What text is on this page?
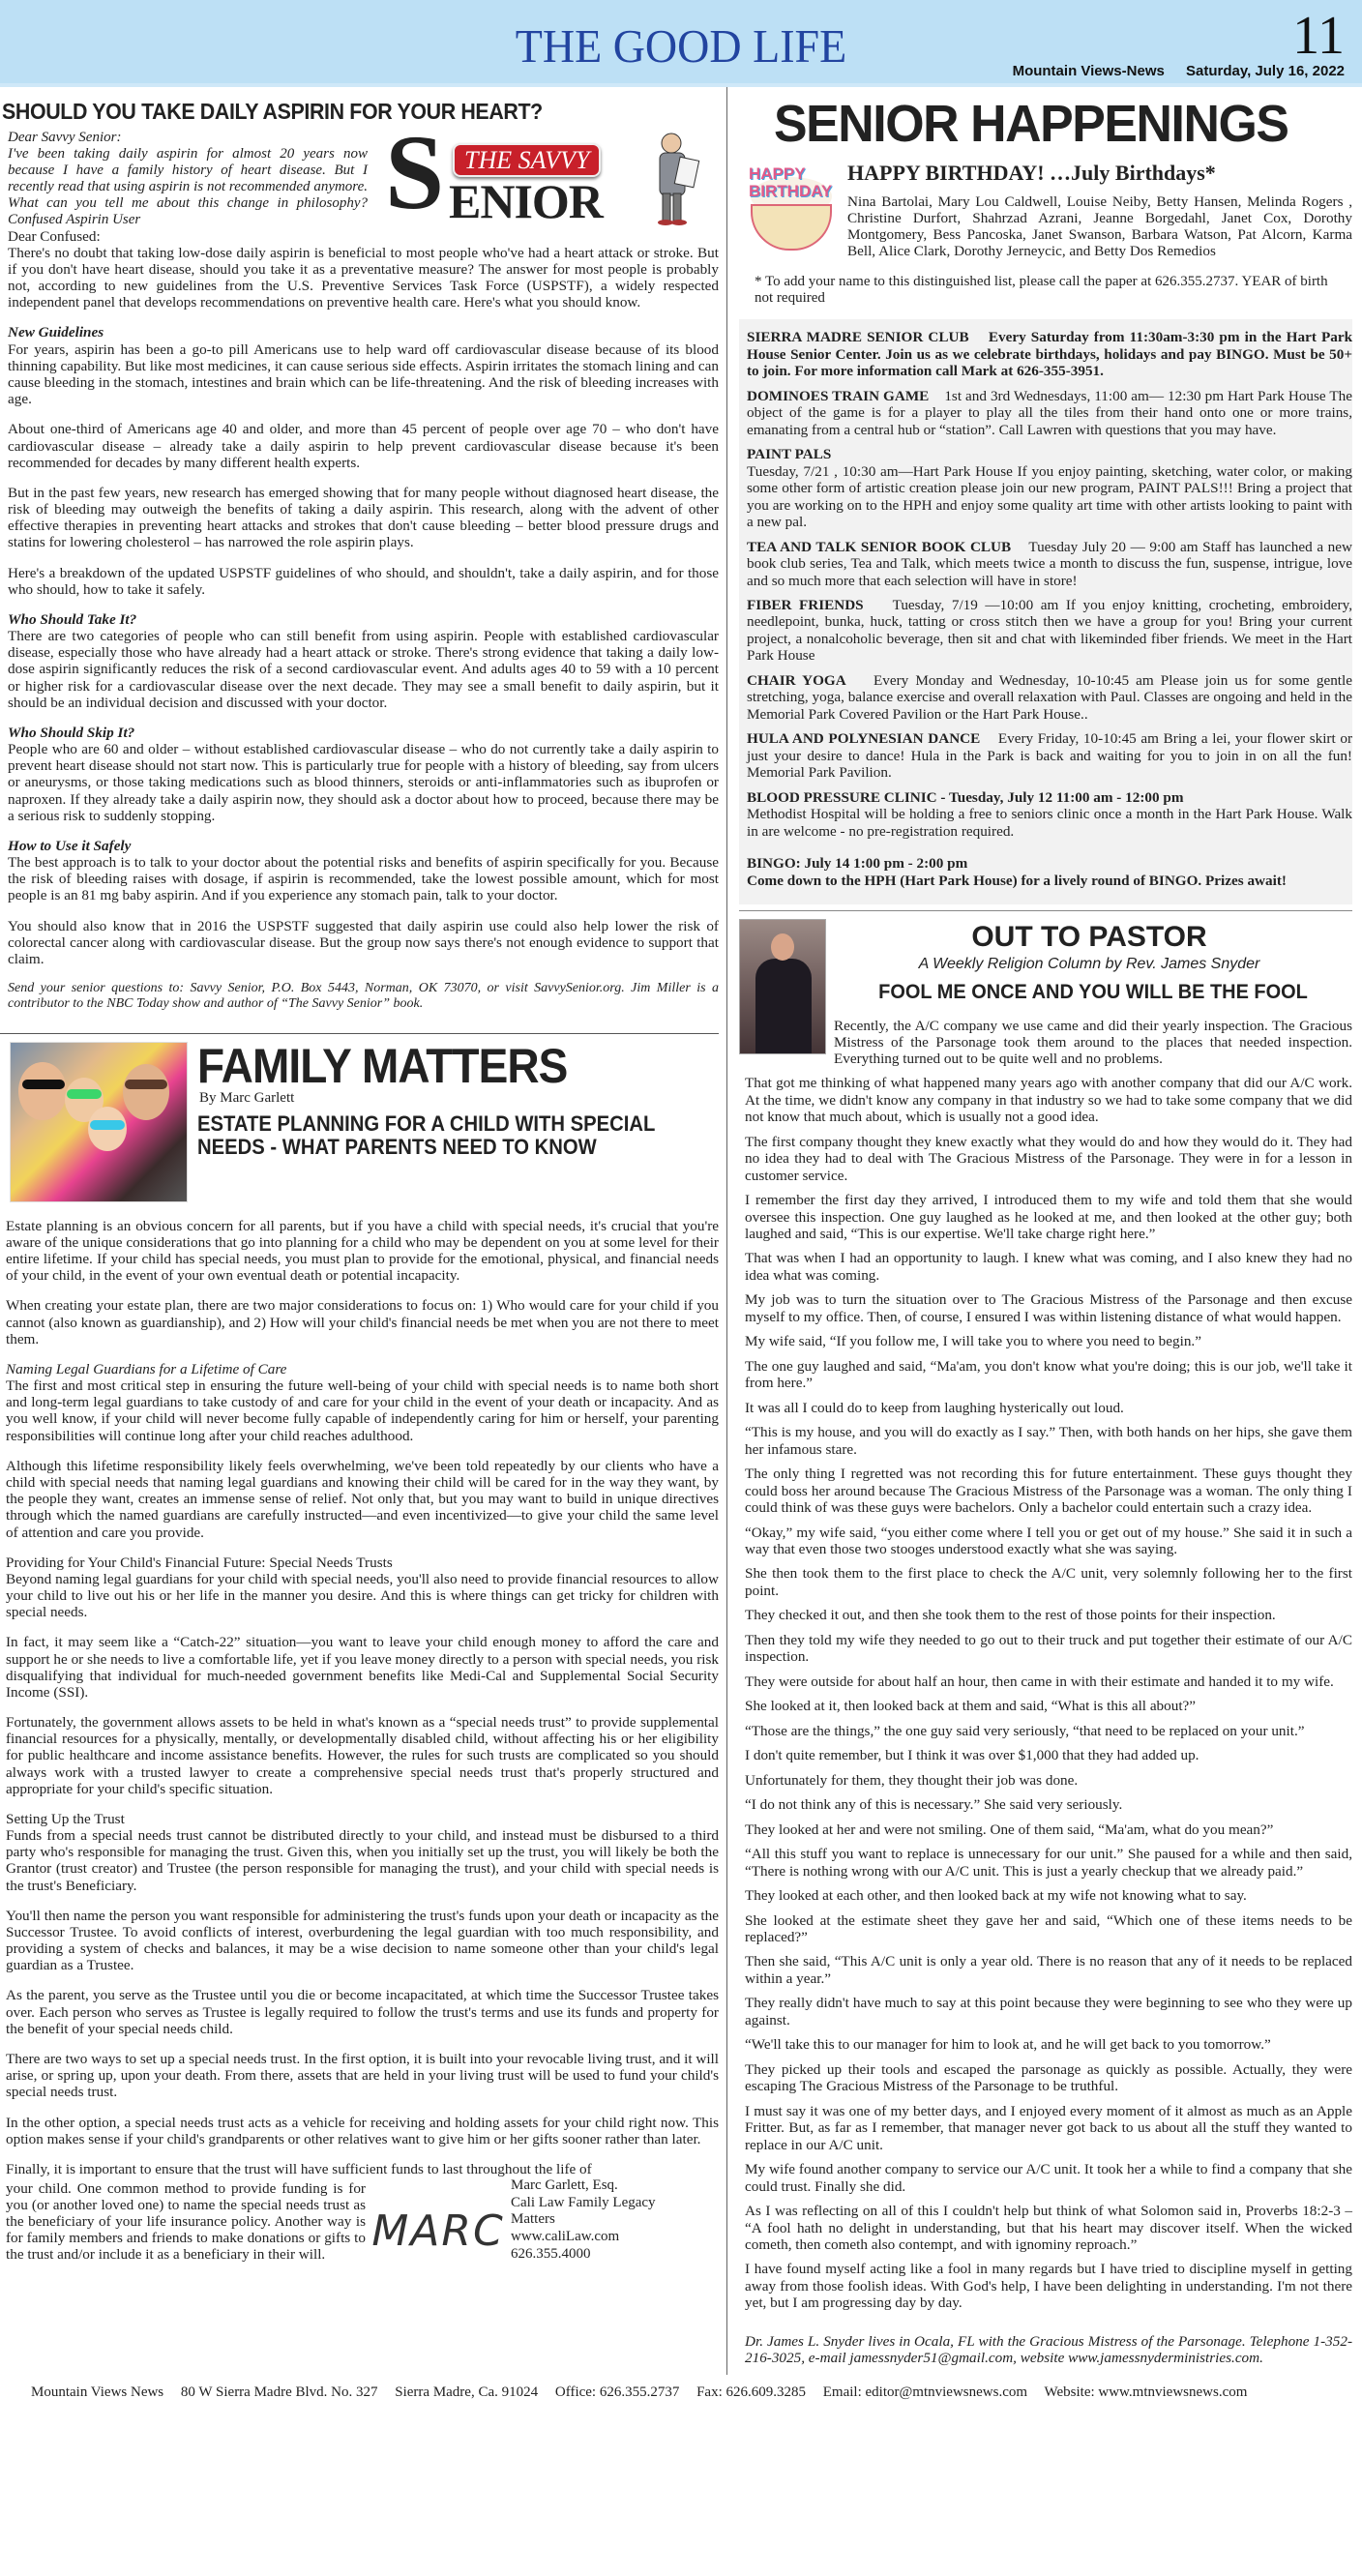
THE GOOD LIFE	11
Mountain Views-News Saturday, July 16, 2022
SHOULD YOU TAKE DAILY ASPIRIN FOR YOUR HEART?
Dear Savvy Senior:
I've been taking daily aspirin for almost 20 years now because I have a family history of heart disease. But I recently read that using aspirin is not recommended anymore. What can you tell me about this change in philosophy? Confused Aspirin User	S THE SAVVY
ENIOR

Dear Confused:
There's no doubt that taking low-dose daily aspirin is beneficial to most people who've had a heart attack or stroke. But if you don't have heart disease, should you take it as a preventative measure? The answer for most people is probably not, according to new guidelines from the U.S. Preventive Services Task Force (USPSTF), a widely respected independent panel that develops recommendations on preventive health care. Here's what you should know.

New Guidelines
For years, aspirin has been a go-to pill Americans use to help ward off cardiovascular disease because of its blood thinning capability. But like most medicines, it can cause serious side effects. Aspirin irritates the stomach lining and can cause bleeding in the stomach, intestines and brain which can be life-threatening. And the risk of bleeding increases with age.

About one-third of Americans age 40 and older, and more than 45 percent of people over age 70 – who don't have cardiovascular disease – already take a daily aspirin to help prevent cardiovascular disease because it's been recommended for decades by many different health experts.

But in the past few years, new research has emerged showing that for many people without diagnosed heart disease, the risk of bleeding may outweigh the benefits of taking a daily aspirin. This research, along with the advent of other effective therapies in preventing heart attacks and strokes that don't cause bleeding – better blood pressure drugs and statins for lowering cholesterol – has narrowed the role aspirin plays.

Here's a breakdown of the updated USPSTF guidelines of who should, and shouldn't, take a daily aspirin, and for those who should, how to take it safely.

Who Should Take It?
There are two categories of people who can still benefit from using aspirin. People with established cardiovascular disease, especially those who have already had a heart attack or stroke. There's strong evidence that taking a daily low-dose aspirin significantly reduces the risk of a second cardiovascular event. And adults ages 40 to 59 with a 10 percent or higher risk for a cardiovascular disease over the next decade. They may see a small benefit to daily aspirin, but it should be an individual decision and discussed with your doctor.

Who Should Skip It?
People who are 60 and older – without established cardiovascular disease – who do not currently take a daily aspirin to prevent heart disease should not start now. This is particularly true for people with a history of bleeding, say from ulcers or aneurysms, or those taking medications such as blood thinners, steroids or anti-inflammatories such as ibuprofen or naproxen. If they already take a daily aspirin now, they should ask a doctor about how to proceed, because there may be a serious risk to suddenly stopping.

How to Use it Safely
The best approach is to talk to your doctor about the potential risks and benefits of aspirin specifically for you. Because the risk of bleeding raises with dosage, if aspirin is recommended, take the lowest possible amount, which for most people is an 81 mg baby aspirin. And if you experience any stomach pain, talk to your doctor.

You should also know that in 2016 the USPSTF suggested that daily aspirin use could also help lower the risk of colorectal cancer along with cardiovascular disease. But the group now says there's not enough evidence to support that claim.

Send your senior questions to: Savvy Senior, P.O. Box 5443, Norman, OK 73070, or visit SavvySenior.org. Jim Miller is a contributor to the NBC Today show and author of “The Savvy Senior” book.

FAMILY MATTERS
By Marc Garlett
ESTATE PLANNING FOR A CHILD WITH SPECIAL NEEDS - WHAT PARENTS NEED TO KNOW

Estate planning is an obvious concern for all parents, but if you have a child with special needs, it's crucial that you're aware of the unique considerations that go into planning for a child who may be dependent on you at some level for their entire lifetime. If your child has special needs, you must plan to provide for the emotional, physical, and financial needs of your child, in the event of your own eventual death or potential incapacity.

When creating your estate plan, there are two major considerations to focus on: 1) Who would care for your child if you cannot (also known as guardianship), and 2) How will your child's financial needs be met when you are not there to meet them.

Naming Legal Guardians for a Lifetime of Care
The first and most critical step in ensuring the future well-being of your child with special needs is to name both short and long-term legal guardians to take custody of and care for your child in the event of your death or incapacity. And as you well know, if your child will never become fully capable of independently caring for him or herself, your parenting responsibilities will continue long after your child reaches adulthood.

Although this lifetime responsibility likely feels overwhelming, we've been told repeatedly by our clients who have a child with special needs that naming legal guardians and knowing their child will be cared for in the way they want, by the people they want, creates an immense sense of relief. Not only that, but you may want to build in unique directives through which the named guardians are carefully instructed—and even incentivized—to give your child the same level of attention and care you provide.

Providing for Your Child's Financial Future: Special Needs Trusts
Beyond naming legal guardians for your child with special needs, you'll also need to provide financial resources to allow your child to live out his or her life in the manner you desire. And this is where things can get tricky for children with special needs.

In fact, it may seem like a “Catch-22” situation—you want to leave your child enough money to afford the care and support he or she needs to live a comfortable life, yet if you leave money directly to a person with special needs, you risk disqualifying that individual for much-needed government benefits like Medi-Cal and Supplemental Social Security Income (SSI).

Fortunately, the government allows assets to be held in what's known as a “special needs trust” to provide supplemental financial resources for a physically, mentally, or developmentally disabled child, without affecting his or her eligibility for public healthcare and income assistance benefits. However, the rules for such trusts are complicated so you should always work with a trusted lawyer to create a comprehensive special needs trust that's properly structured and appropriate for your child's specific situation.

Setting Up the Trust
Funds from a special needs trust cannot be distributed directly to your child, and instead must be disbursed to a third party who's responsible for managing the trust. Given this, when you initially set up the trust, you will likely be both the Grantor (trust creator) and Trustee (the person responsible for managing the trust), and your child with special needs is the trust's Beneficiary.

You'll then name the person you want responsible for administering the trust's funds upon your death or incapacity as the Successor Trustee. To avoid conflicts of interest, overburdening the legal guardian with too much responsibility, and providing a system of checks and balances, it may be a wise decision to name someone other than your child's legal guardian as a Trustee.

As the parent, you serve as the Trustee until you die or become incapacitated, at which time the Successor Trustee takes over. Each person who serves as Trustee is legally required to follow the trust's terms and use its funds and property for the benefit of your special needs child.

There are two ways to set up a special needs trust. In the first option, it is built into your revocable living trust, and it will arise, or spring up, upon your death. From there, assets that are held in your living trust will be used to fund your child's special needs trust.

In the other option, a special needs trust acts as a vehicle for receiving and holding assets for your child right now. This option makes sense if your child's grandparents or other relatives want to give him or her gifts sooner rather than later.

Finally, it is important to ensure that the trust will have sufficient funds to last throughout the life of

your child. One common method to provide funding is for you (or another loved one) to name the special needs trust as the beneficiary of your life insurance policy. Another way is for family members and friends to make donations or gifts to the trust and/or include it as a beneficiary in their will.	MARC
Marc Garlett, Esq.
Cali Law Family Legacy Matters
www.caliLaw.com
626.355.4000
SENIOR HAPPENINGS
HAPPY BIRTHDAY
HAPPY BIRTHDAY! …July Birthdays*
Nina Bartolai, Mary Lou Caldwell, Louise Neiby, Betty Hansen, Melinda Rogers , Christine Durfort, Shahrzad Azrani, Jeanne Borgedahl, Janet Cox, Dorothy Montgomery, Bess Pancoska, Janet Swanson, Barbara Watson, Pat Alcorn, Karma Bell, Alice Clark, Dorothy Jerneycic, and Betty Dos Remedios

* To add your name to this distinguished list, please call the paper at 626.355.2737. YEAR of birth not required

SIERRA MADRE SENIOR CLUB Every Saturday from 11:30am-3:30 pm in the Hart Park House Senior Center. Join us as we celebrate birthdays, holidays and pay BINGO. Must be 50+ to join. For more information call Mark at 626-355-3951.

DOMINOES TRAIN GAME 1st and 3rd Wednesdays, 11:00 am— 12:30 pm Hart Park House The object of the game is for a player to play all the tiles from their hand onto one or more trains, emanating from a central hub or “station”. Call Lawren with questions that you may have.

PAINT PALS
Tuesday, 7/21 , 10:30 am—Hart Park House If you enjoy painting, sketching, water color, or making some other form of artistic creation please join our new program, PAINT PALS!!! Bring a project that you are working on to the HPH and enjoy some quality art time with other artists looking to paint with a new pal.

TEA AND TALK SENIOR BOOK CLUB Tuesday July 20 — 9:00 am Staff has launched a new book club series, Tea and Talk, which meets twice a month to discuss the fun, suspense, intrigue, love and so much more that each selection will have in store!

FIBER FRIENDS Tuesday, 7/19 —10:00 am If you enjoy knitting, crocheting, embroidery, needlepoint, bunka, huck, tatting or cross stitch then we have a group for you! Bring your current project, a nonalcoholic beverage, then sit and chat with likeminded fiber friends. We meet in the Hart Park House

CHAIR YOGA Every Monday and Wednesday, 10-10:45 am Please join us for some gentle stretching, yoga, balance exercise and overall relaxation with Paul. Classes are ongoing and held in the Memorial Park Covered Pavilion or the Hart Park House..

HULA AND POLYNESIAN DANCE Every Friday, 10-10:45 am Bring a lei, your flower skirt or just your desire to dance! Hula in the Park is back and waiting for you to join in on all the fun! Memorial Park Pavilion.

BLOOD PRESSURE CLINIC - Tuesday, July 12 11:00 am - 12:00 pm
Methodist Hospital will be holding a free to seniors clinic once a month in the Hart Park House. Walk in are welcome - no pre-registration required.

BINGO: July 14 1:00 pm - 2:00 pm
Come down to the HPH (Hart Park House) for a lively round of BINGO. Prizes await!

OUT TO PASTOR
A Weekly Religion Column by Rev. James Snyder
FOOL ME ONCE AND YOU WILL BE THE FOOL

Recently, the A/C company we use came and did their yearly inspection. The Gracious Mistress of the Parsonage took them around to the places that needed inspection. Everything turned out to be quite well and no problems.

That got me thinking of what happened many years ago with another company that did our A/C work. At the time, we didn't know any company in that industry so we had to take some company that we did not know that much about, which is usually not a good idea.

The first company thought they knew exactly what they would do and how they would do it. They had no idea they had to deal with The Gracious Mistress of the Parsonage. They were in for a lesson in customer service.

I remember the first day they arrived, I introduced them to my wife and told them that she would oversee this inspection. One guy laughed as he looked at me, and then looked at the other guy; both laughed and said, “This is our expertise. We'll take charge right here.”

That was when I had an opportunity to laugh. I knew what was coming, and I also knew they had no idea what was coming.

My job was to turn the situation over to The Gracious Mistress of the Parsonage and then excuse myself to my office. Then, of course, I ensured I was within listening distance of what would happen.

My wife said, “If you follow me, I will take you to where you need to begin.”

The one guy laughed and said, “Ma'am, you don't know what you're doing; this is our job, we'll take it from here.”

It was all I could do to keep from laughing hysterically out loud.

“This is my house, and you will do exactly as I say.” Then, with both hands on her hips, she gave them her infamous stare.

The only thing I regretted was not recording this for future entertainment. These guys thought they could boss her around because The Gracious Mistress of the Parsonage was a woman. The only thing I could think of was these guys were bachelors. Only a bachelor could entertain such a crazy idea.

“Okay,” my wife said, “you either come where I tell you or get out of my house.” She said it in such a way that even those two stooges understood exactly what she was saying.

She then took them to the first place to check the A/C unit, very solemnly following her to the first point.

They checked it out, and then she took them to the rest of those points for their inspection.

Then they told my wife they needed to go out to their truck and put together their estimate of our A/C inspection.

They were outside for about half an hour, then came in with their estimate and handed it to my wife.

She looked at it, then looked back at them and said, “What is this all about?”

“Those are the things,” the one guy said very seriously, “that need to be replaced on your unit.”

I don't quite remember, but I think it was over $1,000 that they had added up.

Unfortunately for them, they thought their job was done.

“I do not think any of this is necessary.” She said very seriously.

They looked at her and were not smiling. One of them said, “Ma'am, what do you mean?”

“All this stuff you want to replace is unnecessary for our unit.” She paused for a while and then said, “There is nothing wrong with our A/C unit. This is just a yearly checkup that we already paid.”

They looked at each other, and then looked back at my wife not knowing what to say.

She looked at the estimate sheet they gave her and said, “Which one of these items needs to be replaced?”

Then she said, “This A/C unit is only a year old. There is no reason that any of it needs to be replaced within a year.”

They really didn't have much to say at this point because they were beginning to see who they were up against.

“We'll take this to our manager for him to look at, and he will get back to you tomorrow.”

They picked up their tools and escaped the parsonage as quickly as possible. Actually, they were escaping The Gracious Mistress of the Parsonage to be truthful.

I must say it was one of my better days, and I enjoyed every moment of it almost as much as an Apple Fritter. But, as far as I remember, that manager never got back to us about all the stuff they wanted to replace in our A/C unit.

My wife found another company to service our A/C unit. It took her a while to find a company that she could trust. Finally she did.

As I was reflecting on all of this I couldn't help but think of what Solomon said in, Proverbs 18:2-3 – “A fool hath no delight in understanding, but that his heart may discover itself. When the wicked cometh, then cometh also contempt, and with ignominy reproach.”

I have found myself acting like a fool in many regards but I have tried to discipline myself in getting away from those foolish ideas. With God's help, I have been delighting in understanding. I'm not there yet, but I am progressing day by day.

Dr. James L. Snyder lives in Ocala, FL with the Gracious Mistress of the Parsonage. Telephone 1-352-216-3025, e-mail jamessnyder51@gmail.com, website www.jamessnyderministries.com.

Mountain Views News 80 W Sierra Madre Blvd. No. 327 Sierra Madre, Ca. 91024 Office: 626.355.2737 Fax: 626.609.3285 Email: editor@mtnviewsnews.com Website: www.mtnviewsnews.com
